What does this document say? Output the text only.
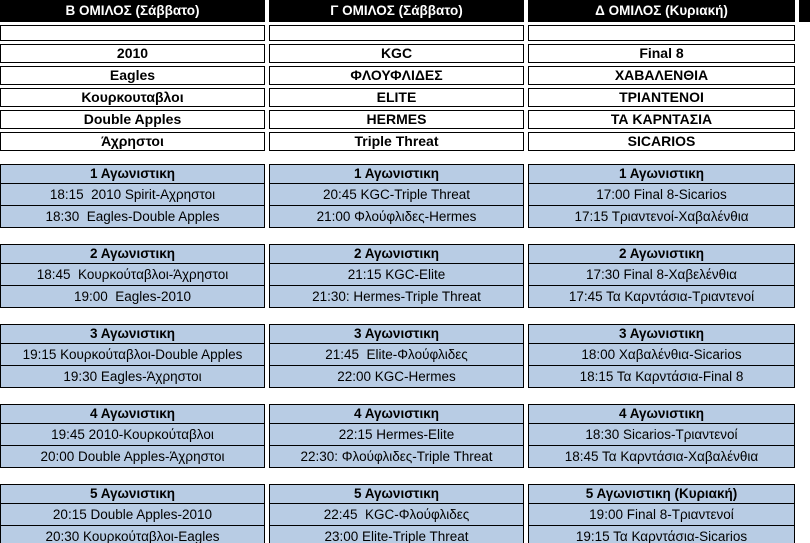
Β ΟΜΙΛΟΣ (Σάββατο)
2010
Eagles
Κουρκουταβλοι
Double Apples
Άχρηστοι
1 Αγωνιστικη
18:15  2010 Spirit-Αχρηστοι
18:30  Eagles-Double Apples
2 Αγωνιστικη
18:45  Κουρκούταβλοι-Άχρηστοι
19:00  Eagles-2010
3 Αγωνιστικη
19:15 Κουρκούταβλοι-Double Apples
19:30 Eagles-Άχρηστοι
4 Αγωνιστικη
19:45 2010-Κουρκούταβλοι
20:00 Double Apples-Άχρηστοι
5 Αγωνιστικη
20:15 Double Apples-2010
20:30 Κουρκούταβλοι-Eagles
Γ ΟΜΙΛΟΣ (Σάββατο)
KGC
ΦΛΟΥΦΛΙΔΕΣ
ELITE
HERMES
Triple Threat
1 Αγωνιστικη
20:45 KGC-Triple Threat
21:00 Φλούφλιδες-Hermes
2 Αγωνιστικη
21:15 KGC-Elite
21:30: Hermes-Triple Threat
3 Αγωνιστικη
21:45  Elite-Φλούφλιδες
22:00 KGC-Hermes
4 Αγωνιστικη
22:15 Hermes-Elite
22:30: Φλούφλιδες-Triple Threat
5 Αγωνιστικη
22:45  KGC-Φλούφλιδες
23:00 Elite-Triple Threat
Δ ΟΜΙΛΟΣ (Κυριακή)
Final 8
ΧΑΒΑΛΕΝΘΙΑ
ΤΡΙΑΝΤΕΝΟΙ
ΤΑ ΚΑΡΝΤΑΣΙΑ
SICARIOS
1 Αγωνιστικη
17:00 Final 8-Sicarios
17:15 Τριαντενοί-Χαβαλένθια
2 Αγωνιστικη
17:30 Final 8-Χαβελένθια
17:45 Τα Καρντάσια-Τριαντενοί
3 Αγωνιστικη
18:00 Χαβαλένθια-Sicarios
18:15 Τα Καρντάσια-Final 8
4 Αγωνιστικη
18:30 Sicarios-Τριαντενοί
18:45 Τα Καρντάσια-Χαβαλένθια
5 Αγωνιστικη (Κυριακή)
19:00 Final 8-Τριαντενοί
19:15 Τα Καρντάσια-Sicarios
